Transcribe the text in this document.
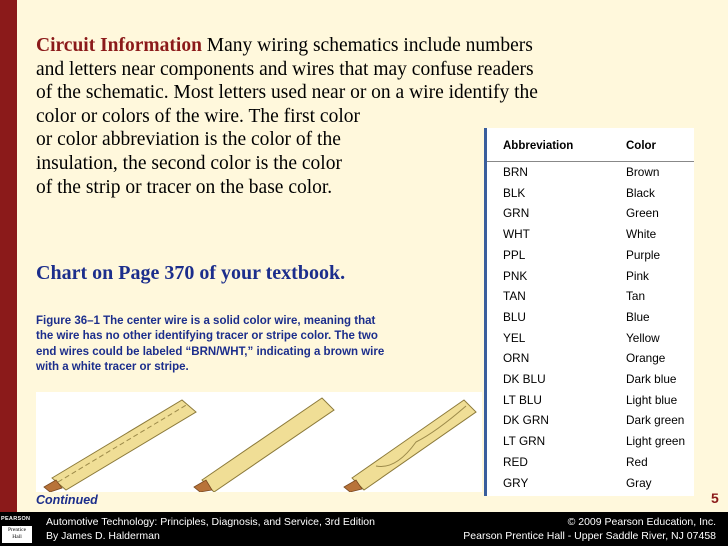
Circuit Information Many wiring schematics include numbers
and letters near components and wires that may confuse readers
of the schematic. Most letters used near or on a wire identify the
color or colors of the wire. The first color
or color abbreviation is the color of the
insulation, the second color is the color
of the strip or tracer on the base color.
Chart on Page 370 of your textbook.
Figure 36–1 The center wire is a solid color wire, meaning that
the wire has no other identifying tracer or stripe color. The two
end wires could be labeled “BRN/WHT,” indicating a brown wire
with a white tracer or stripe.
Abbreviation	Color
BRN	Brown
BLK	Black
GRN	Green
WHT	White
PPL	Purple
PNK	Pink
TAN	Tan
BLU	Blue
YEL	Yellow
ORN	Orange
DK BLU	Dark blue
LT BLU	Light blue
DK GRN	Dark green
LT GRN	Light green
RED	Red
GRY	Gray
Continued	5
PEARSON
Prentice
Hall
Automotive Technology: Principles, Diagnosis, and Service, 3rd Edition
By James D. Halderman
© 2009 Pearson Education, Inc.
Pearson Prentice Hall - Upper Saddle River, NJ 07458
